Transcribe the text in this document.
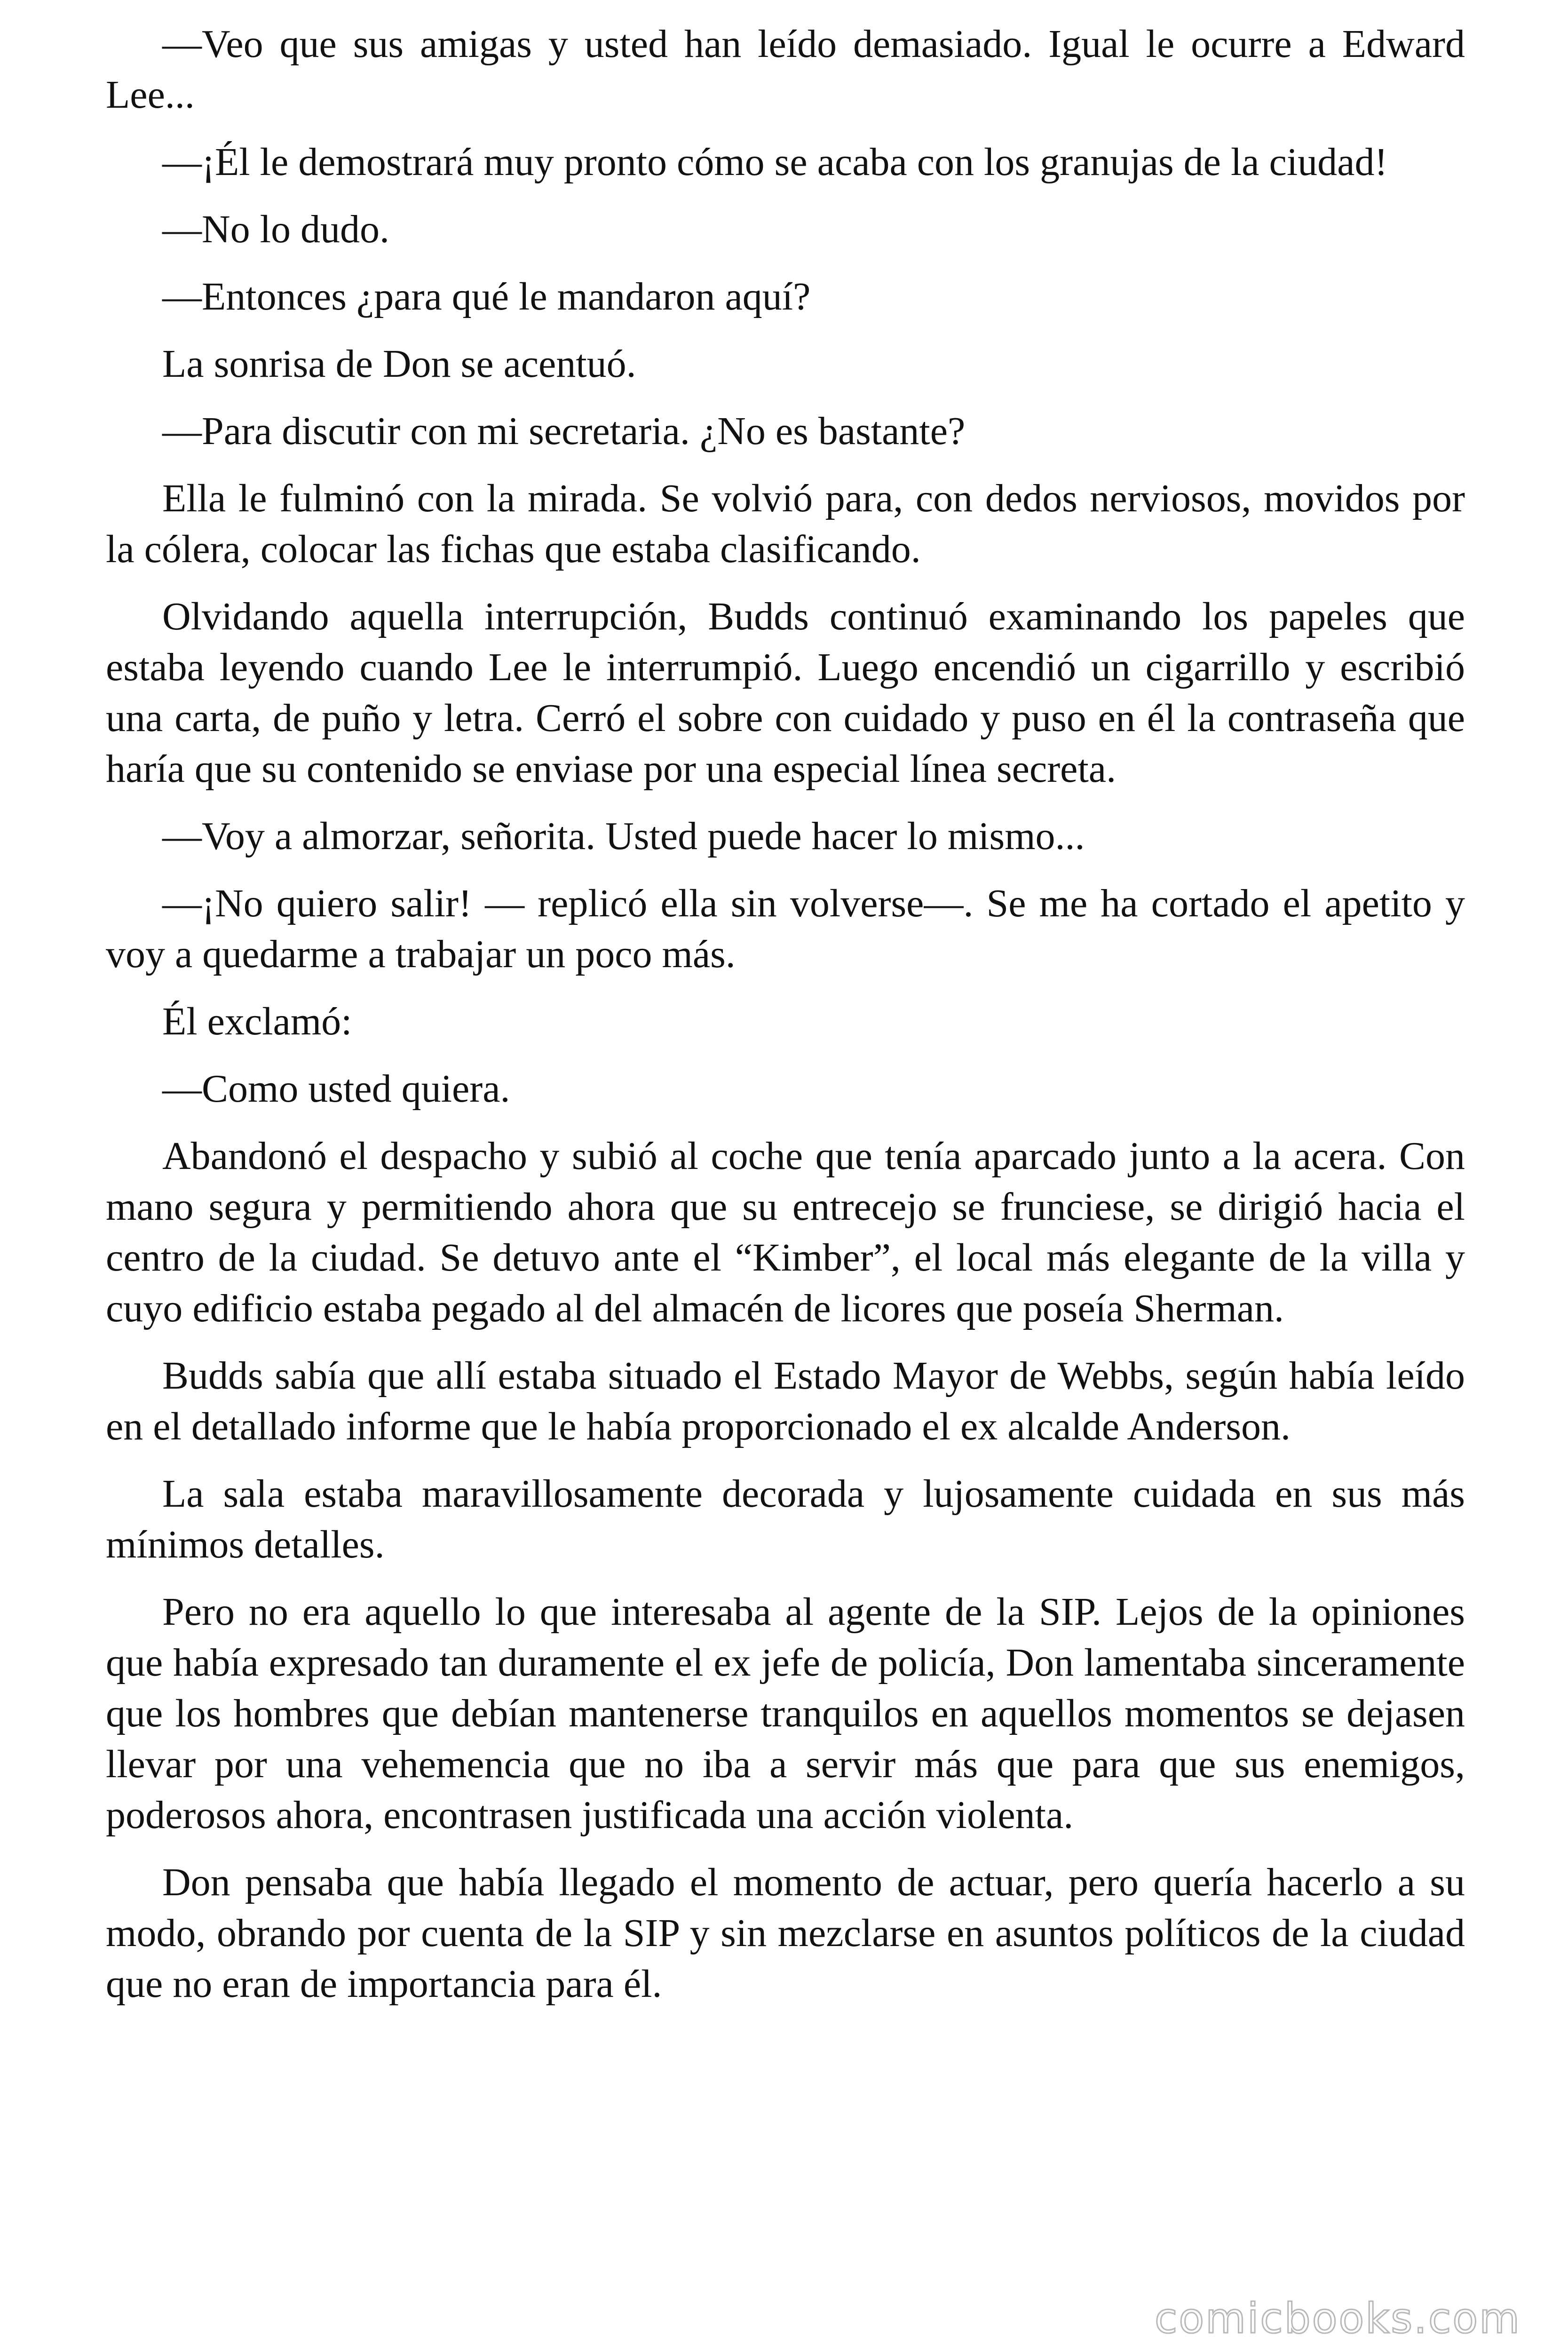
—Veo que sus amigas y usted han leído demasiado. Igual le ocurre a Edward Lee...

—¡Él le demostrará muy pronto cómo se acaba con los granujas de la ciudad!

—No lo dudo.

—Entonces ¿para qué le mandaron aquí?

La sonrisa de Don se acentuó.

—Para discutir con mi secretaria. ¿No es bastante?

Ella le fulminó con la mirada. Se volvió para, con dedos nerviosos, movidos por la cólera, colocar las fichas que estaba clasificando.

Olvidando aquella interrupción, Budds continuó examinando los papeles que estaba leyendo cuando Lee le interrumpió. Luego encendió un cigarrillo y escribió una carta, de puño y letra. Cerró el sobre con cuidado y puso en él la contraseña que haría que su contenido se enviase por una especial línea secreta.

—Voy a almorzar, señorita. Usted puede hacer lo mismo...

—¡No quiero salir! — replicó ella sin volverse—. Se me ha cortado el apetito y voy a quedarme a trabajar un poco más.

Él exclamó:

—Como usted quiera.

Abandonó el despacho y subió al coche que tenía aparcado junto a la acera. Con mano segura y permitiendo ahora que su entrecejo se frunciese, se dirigió hacia el centro de la ciudad. Se detuvo ante el “Kimber”, el local más elegante de la villa y cuyo edificio estaba pegado al del almacén de licores que poseía Sherman.

Budds sabía que allí estaba situado el Estado Mayor de Webbs, según había leído en el detallado informe que le había proporcionado el ex alcalde Anderson.

La sala estaba maravillosamente decorada y lujosamente cuidada en sus más mínimos detalles.

Pero no era aquello lo que interesaba al agente de la SIP. Lejos de la opiniones que había expresado tan duramente el ex jefe de policía, Don lamentaba sinceramente que los hombres que debían mantenerse tranquilos en aquellos momentos se dejasen llevar por una vehemencia que no iba a servir más que para que sus enemigos, poderosos ahora, encontrasen justificada una acción violenta.

Don pensaba que había llegado el momento de actuar, pero quería hacerlo a su modo, obrando por cuenta de la SIP y sin mezclarse en asuntos políticos de la ciudad que no eran de importancia para él.

comicbooks.com
